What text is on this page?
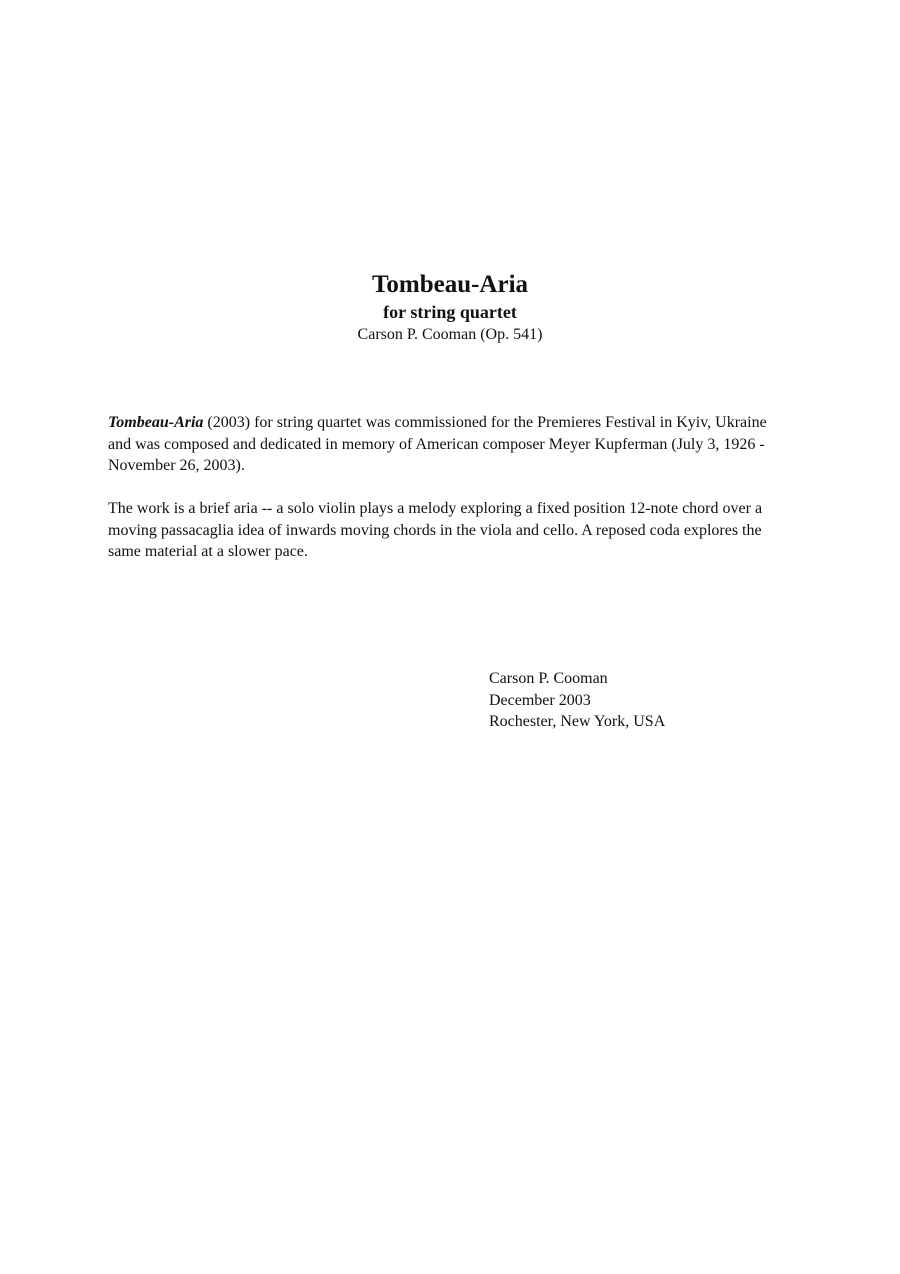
Tombeau-Aria
for string quartet
Carson P. Cooman (Op. 541)

Tombeau-Aria (2003) for string quartet was commissioned for the Premieres Festival in Kyiv, Ukraine and was composed and dedicated in memory of American composer Meyer Kupferman (July 3, 1926 - November 26, 2003).

The work is a brief aria -- a solo violin plays a melody exploring a fixed position 12-note chord over a moving passacaglia idea of inwards moving chords in the viola and cello. A reposed coda explores the same material at a slower pace.

Carson P. Cooman
December 2003
Rochester, New York, USA
